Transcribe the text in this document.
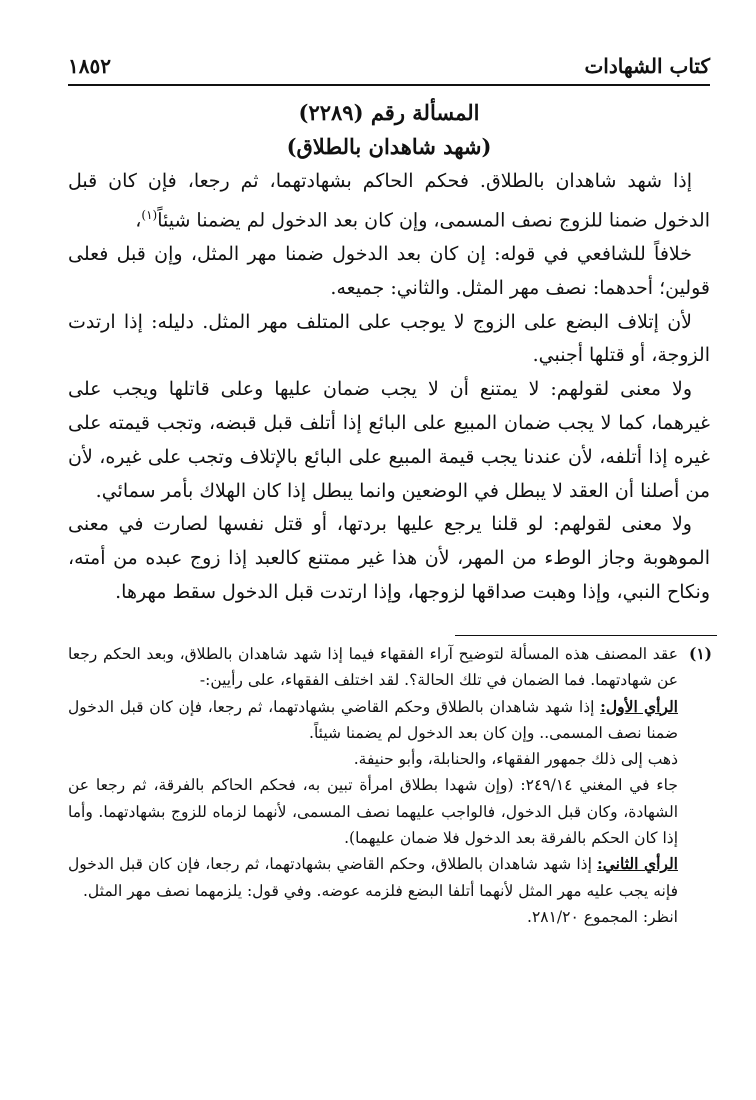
كتاب الشهادات
١٨٥٢

المسألة رقم (٢٢٨٩)

(شهد شاهدان بالطلاق)

إذا شهد شاهدان بالطلاق. فحكم الحاكم بشهادتهما، ثم رجعا، فإن كان قبل الدخول ضمنا للزوج نصف المسمى، وإن كان بعد الدخول لم يضمنا شيئاً$^{(١)}$،

خلافاً للشافعي في قوله: إن كان بعد الدخول ضمنا مهر المثل، وإن قبل فعلى قولين؛ أحدهما: نصف مهر المثل. والثاني: جميعه.

لأن إتلاف البضع على الزوج لا يوجب على المتلف مهر المثل. دليله: إذا ارتدت الزوجة، أو قتلها أجنبي.

ولا معنى لقولهم: لا يمتنع أن لا يجب ضمان عليها وعلى قاتلها ويجب على غيرهما، كما لا يجب ضمان المبيع على البائع إذا أتلف قبل قبضه، وتجب قيمته على غيره إذا أتلفه، لأن عندنا يجب قيمة المبيع على البائع بالإتلاف وتجب على غيره، لأن من أصلنا أن العقد لا يبطل في الوضعين وانما يبطل إذا كان الهلاك بأمر سمائي.

ولا معنى لقولهم: لو قلنا يرجع عليها بردتها، أو قتل نفسها لصارت في معنى الموهوبة وجاز الوطء من المهر، لأن هذا غير ممتنع كالعبد إذا زوج عبده من أمته، ونكاح النبي، وإذا وهبت صداقها لزوجها، وإذا ارتدت قبل الدخول سقط مهرها.

(١)

عقد المصنف هذه المسألة لتوضيح آراء الفقهاء فيما إذا شهد شاهدان بالطلاق، وبعد الحكم رجعا عن شهادتهما. فما الضمان في تلك الحالة؟. لقد اختلف الفقهاء، على رأيين:-

الرأي الأول: إذا شهد شاهدان بالطلاق وحكم القاضي بشهادتهما، ثم رجعا، فإن كان قبل الدخول ضمنا نصف المسمى.. وإن كان بعد الدخول لم يضمنا شيئاً.

ذهب إلى ذلك جمهور الفقهاء، والحنابلة، وأبو حنيفة.

جاء في المغني ٢٤٩/١٤: (وإن شهدا بطلاق امرأة تبين به، فحكم الحاكم بالفرقة، ثم رجعا عن الشهادة، وكان قبل الدخول، فالواجب عليهما نصف المسمى، لأنهما لزماه للزوج بشهادتهما. وأما إذا كان الحكم بالفرقة بعد الدخول فلا ضمان عليهما).

الرأي الثاني: إذا شهد شاهدان بالطلاق، وحكم القاضي بشهادتهما، ثم رجعا، فإن كان قبل الدخول فإنه يجب عليه مهر المثل لأنهما أتلفا البضع فلزمه عوضه. وفي قول: يلزمهما نصف مهر المثل.

انظر: المجموع ٢٨١/٢٠.
